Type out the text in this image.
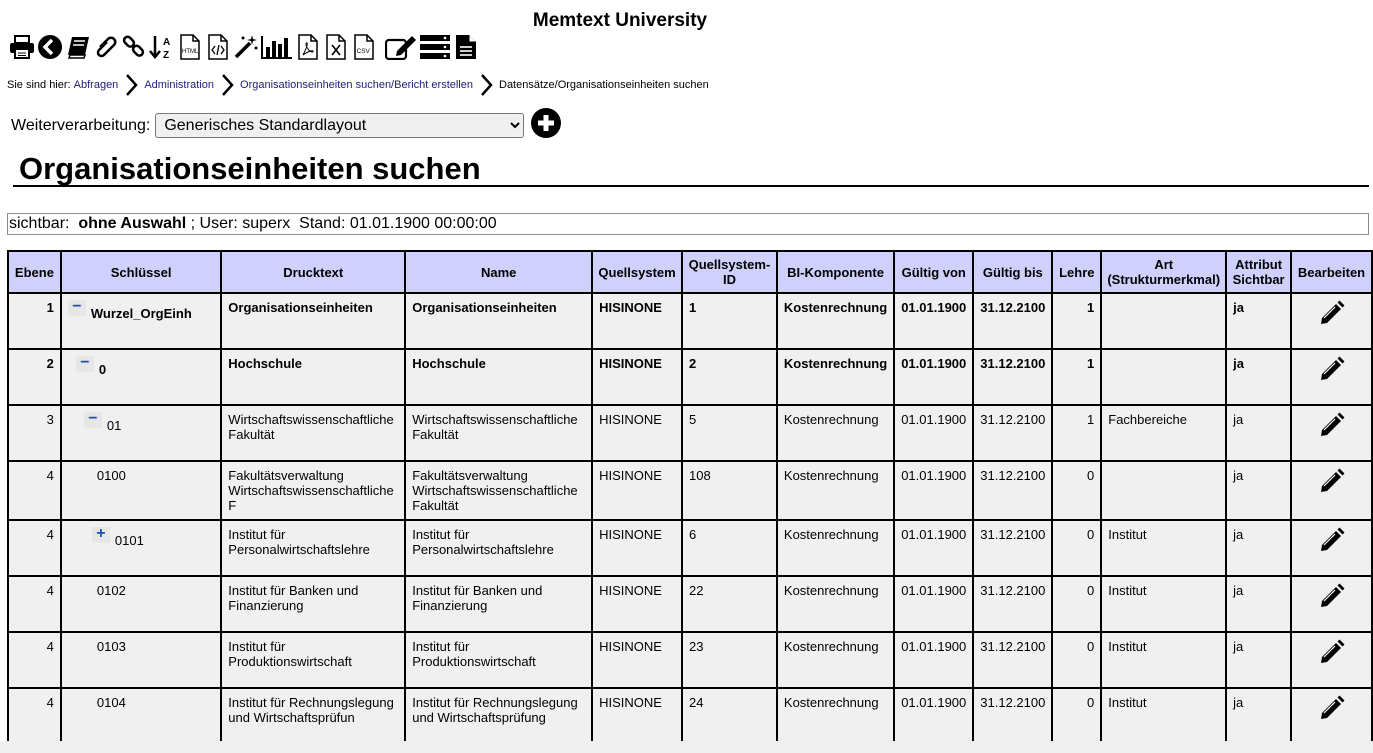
Memtext University
A
Z HTML	CSV
Sie sind hier: Abfragen Administration Organisationseinheiten suchen/Bericht erstellen Datensätze/Organisationseinheiten suchen
Weiterverarbeitung:
Generisches Standardlayout
Organisationseinheiten suchen
sichtbar:  ohne Auswahl ; User: superx  Stand: 01.01.1900 00:00:00
Ebene	Schlüssel	Drucktext	Name	Quellsystem	Quellsystem-ID	BI-Komponente	Gültig von	Gültig bis	Lehre	Art (Strukturmerkmal)	Attribut Sichtbar	Bearbeiten
1	− Wurzel_OrgEinh	Organisationseinheiten	Organisationseinheiten	HISINONE	1	Kostenrechnung	01.01.1900	31.12.2100	1		ja	
2	− 0	Hochschule	Hochschule	HISINONE	2	Kostenrechnung	01.01.1900	31.12.2100	1		ja	
3	− 01	Wirtschaftswissenschaftliche Fakultät	Wirtschaftswissenschaftliche Fakultät	HISINONE	5	Kostenrechnung	01.01.1900	31.12.2100	1	Fachbereiche	ja	
4	0100	Fakultätsverwaltung Wirtschaftswissenschaftliche F	Fakultätsverwaltung Wirtschaftswissenschaftliche Fakultät	HISINONE	108	Kostenrechnung	01.01.1900	31.12.2100	0		ja	
4	+ 0101	Institut für Personalwirtschaftslehre	Institut für Personalwirtschaftslehre	HISINONE	6	Kostenrechnung	01.01.1900	31.12.2100	0	Institut	ja	
4	0102	Institut für Banken und Finanzierung	Institut für Banken und Finanzierung	HISINONE	22	Kostenrechnung	01.01.1900	31.12.2100	0	Institut	ja	
4	0103	Institut für Produktionswirtschaft	Institut für Produktionswirtschaft	HISINONE	23	Kostenrechnung	01.01.1900	31.12.2100	0	Institut	ja	
4	0104	Institut für Rechnungslegung und Wirtschaftsprüfun	Institut für Rechnungslegung und Wirtschaftsprüfung	HISINONE	24	Kostenrechnung	01.01.1900	31.12.2100	0	Institut	ja	
